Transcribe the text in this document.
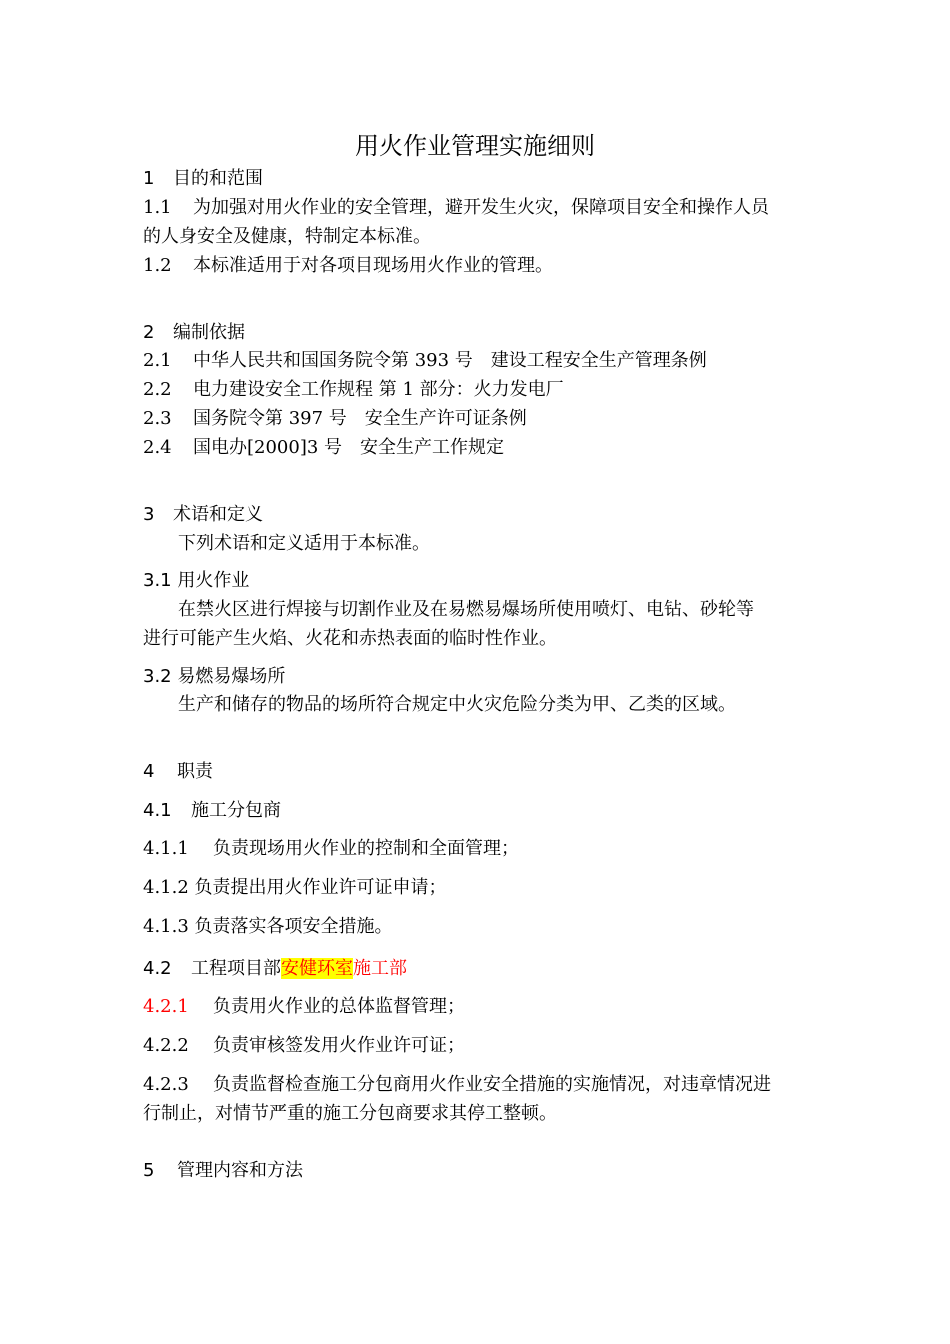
用火作业管理实施细则
1 目的和范围
1.1 为加强对用火作业的安全管理，避开发生火灾，保障项目安全和操作人员
的人身安全及健康，特制定本标准。
1.2 本标准适用于对各项目现场用火作业的管理。
2 编制依据
2.1 中华人民共和国国务院令第 393 号　建设工程安全生产管理条例
2.2 电力建设安全工作规程 第 1 部分：火力发电厂
2.3 国务院令第 397 号　安全生产许可证条例
2.4 国电办[2000]3 号　安全生产工作规定
3 术语和定义
下列术语和定义适用于本标准。
3.1 用火作业
在禁火区进行焊接与切割作业及在易燃易爆场所使用喷灯、电钻、砂轮等
进行可能产生火焰、火花和赤热表面的临时性作业。
3.2 易燃易爆场所
生产和储存的物品的场所符合规定中火灾危险分类为甲、乙类的区域。
4 职责
4.1 施工分包商
4.1.1 负责现场用火作业的控制和全面管理；
4.1.2 负责提出用火作业许可证申请；
4.1.3 负责落实各项安全措施。
4.2 工程项目部安健环室施工部
4.2.1 负责用火作业的总体监督管理；
4.2.2 负责审核签发用火作业许可证；
4.2.3 负责监督检查施工分包商用火作业安全措施的实施情况，对违章情况进
行制止，对情节严重的施工分包商要求其停工整顿。
5 管理内容和方法
